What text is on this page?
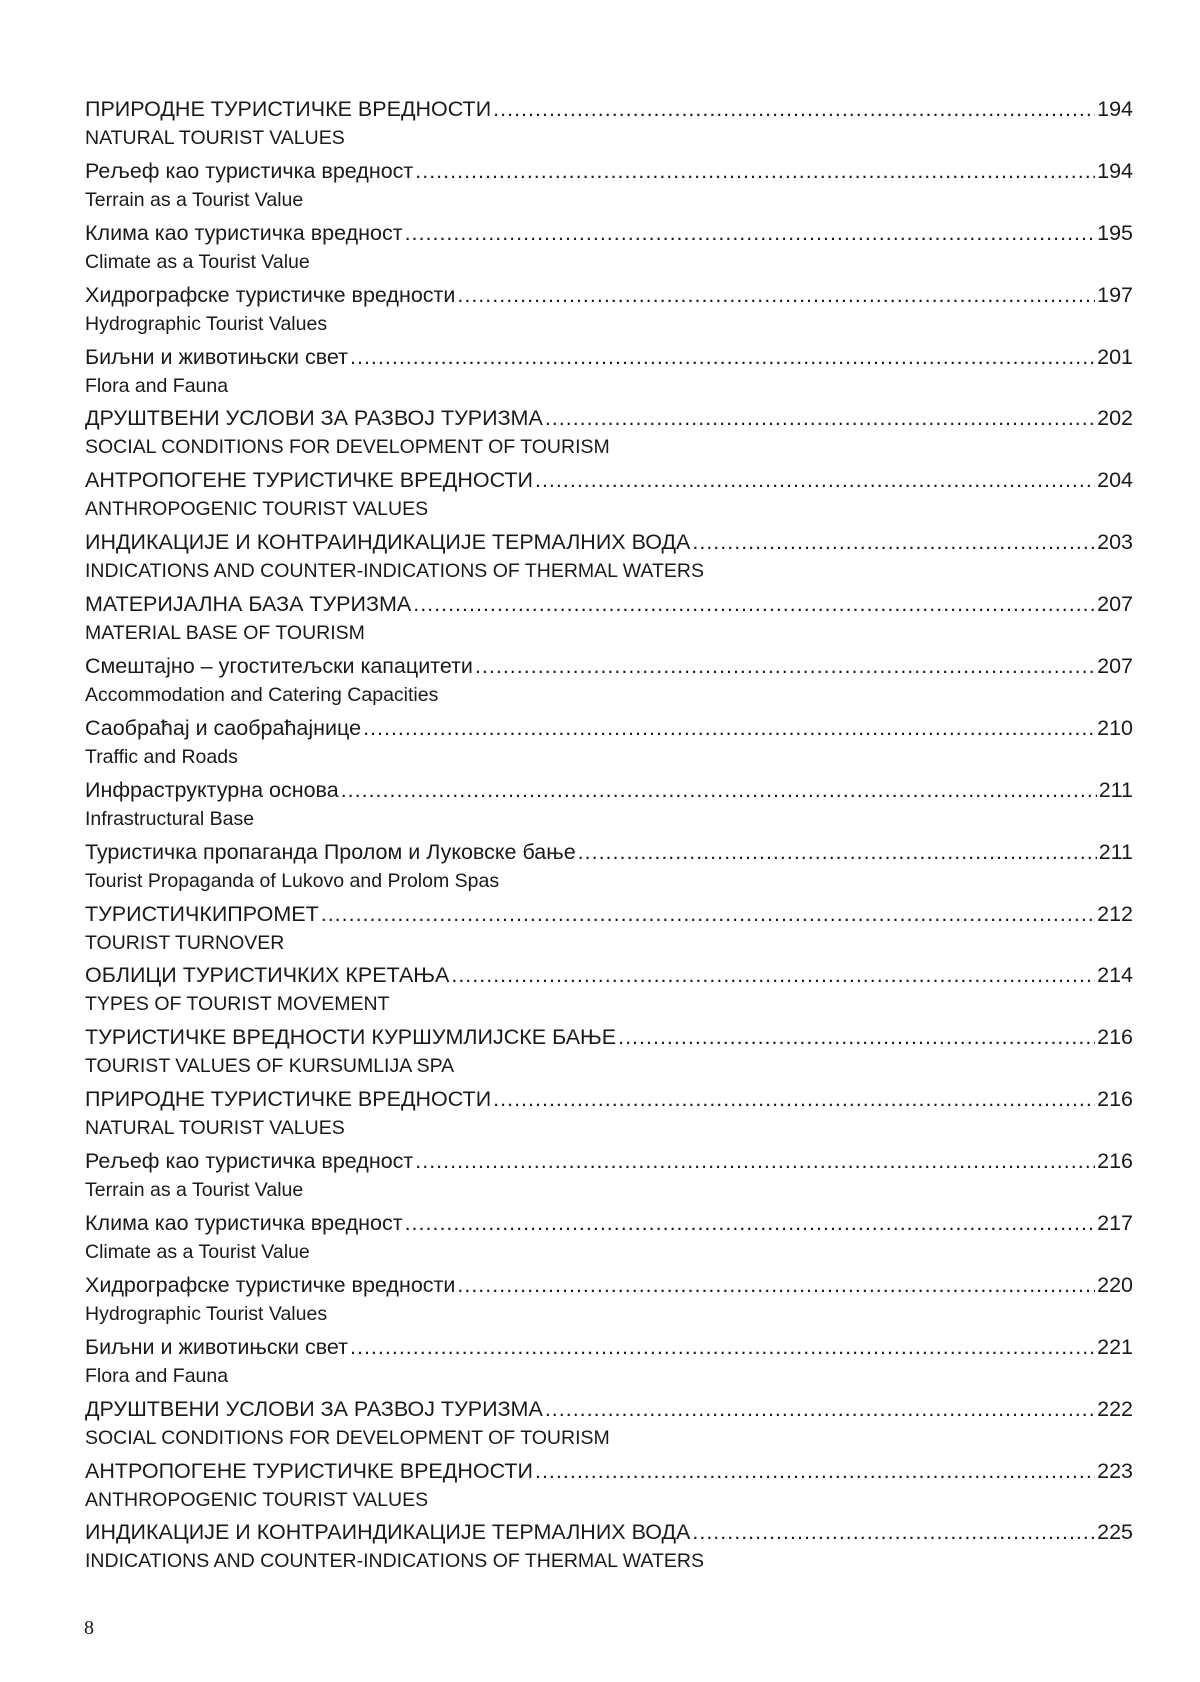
ПРИРОДНЕ ТУРИСТИЧКЕ ВРЕДНОСТИ .....	194
NATURAL TOURIST VALUES
Рељеф као туристичка вредност .....	194
Terrain as a Tourist Value
Клима као туристичка вредност .....	195
Climate as a Tourist Value
Хидрографске туристичке вредности .....	197
Hydrographic Tourist Values
Биљни и животињски свет .....	201
Flora and Fauna
ДРУШТВЕНИ УСЛОВИ ЗА РАЗВОЈ ТУРИЗМА .....	202
SOCIAL CONDITIONS FOR DEVELOPMENT OF TOURISM
АНТРОПОГЕНЕ ТУРИСТИЧКЕ ВРЕДНОСТИ .....	204
ANTHROPOGENIC TOURIST VALUES
ИНДИКАЦИЈЕ И КОНТРАИНДИКАЦИЈЕ ТЕРМАЛНИХ ВОДА .....	203
INDICATIONS AND COUNTER-INDICATIONS OF THERMAL WATERS
МАТЕРИЈАЛНА БАЗА ТУРИЗМА .....	207
MATERIAL BASE OF TOURISM
Смештајно – угоститељски капацитети .....	207
Accommodation and Catering Capacities
Саобраћај и саобраћајнице .....	210
Traffic and Roads
Инфраструктурна основа .....	211
Infrastructural Base
Туристичка пропаганда Пролом и Луковске бање .....	211
Tourist Propaganda of Lukovo and Prolom Spas
ТУРИСТИЧКИПРОМЕТ .....	212
TOURIST TURNOVER
ОБЛИЦИ ТУРИСТИЧКИХ КРЕТАЊА .....	214
TYPES OF TOURIST MOVEMENT
ТУРИСТИЧКЕ ВРЕДНОСТИ КУРШУМЛИЈСКЕ БАЊЕ .....	216
TOURIST VALUES OF KURSUMLIJA SPA
ПРИРОДНЕ ТУРИСТИЧКЕ ВРЕДНОСТИ .....	216
NATURAL TOURIST VALUES
Рељеф као туристичка вредност .....	216
Terrain as a Tourist Value
Клима као туристичка вредност .....	217
Climate as a Tourist Value
Хидрографске туристичке вредности .....	220
Hydrographic Tourist Values
Биљни и животињски свет .....	221
Flora and Fauna
ДРУШТВЕНИ УСЛОВИ ЗА РАЗВОЈ ТУРИЗМА .....	222
SOCIAL CONDITIONS FOR DEVELOPMENT OF TOURISM
АНТРОПОГЕНЕ ТУРИСТИЧКЕ ВРЕДНОСТИ .....	223
ANTHROPOGENIC TOURIST VALUES
ИНДИКАЦИЈЕ И КОНТРАИНДИКАЦИЈЕ ТЕРМАЛНИХ ВОДА .....	225
INDICATIONS AND COUNTER-INDICATIONS OF THERMAL WATERS
8
